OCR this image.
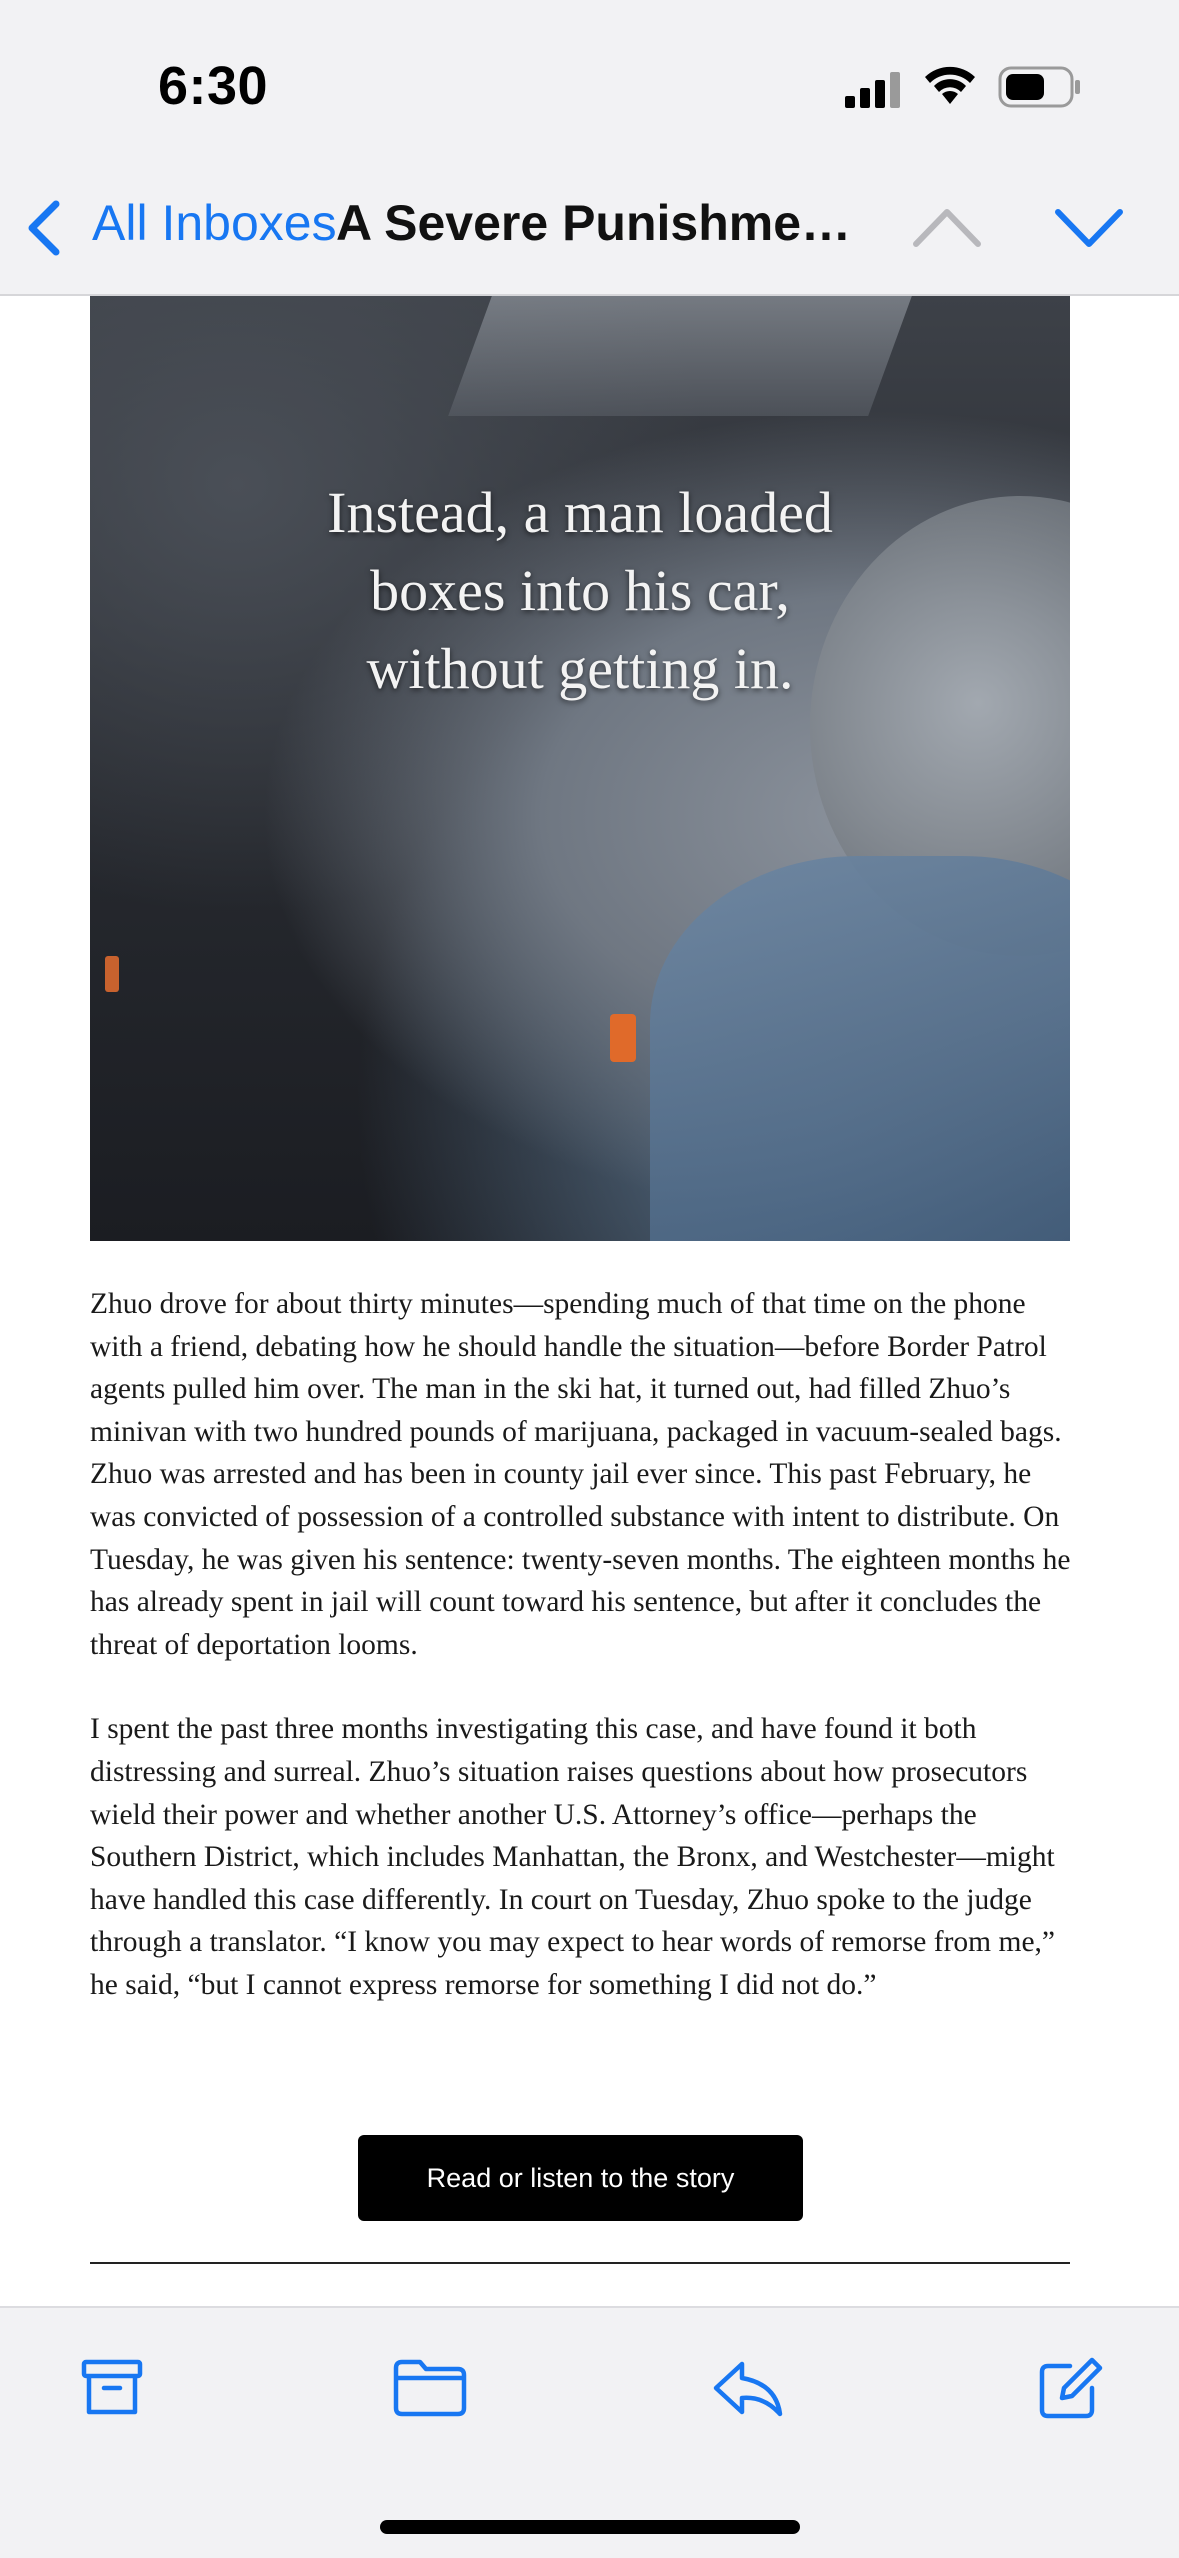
6:30
All Inboxes A Severe Punishme…
Instead, a man loaded
boxes into his car,
without getting in.

Zhuo drove for about thirty minutes—spending much of that time on the phone with a friend, debating how he should handle the situation—before Border Patrol agents pulled him over. The man in the ski hat, it turned out, had filled Zhuo’s minivan with two hundred pounds of marijuana, packaged in vacuum-sealed bags. Zhuo was arrested and has been in county jail ever since. This past February, he was convicted of possession of a controlled substance with intent to distribute. On Tuesday, he was given his sentence: twenty-seven months. The eighteen months he has already spent in jail will count toward his sentence, but after it concludes the threat of deportation looms.

I spent the past three months investigating this case, and have found it both distressing and surreal. Zhuo’s situation raises questions about how prosecutors wield their power and whether another U.S. Attorney’s office—perhaps the Southern District, which includes Manhattan, the Bronx, and Westchester—might have handled this case differently. In court on Tuesday, Zhuo spoke to the judge through a translator. “I know you may expect to hear words of remorse from me,” he said, “but I cannot express remorse for something I did not do.”

Read or listen to the story
